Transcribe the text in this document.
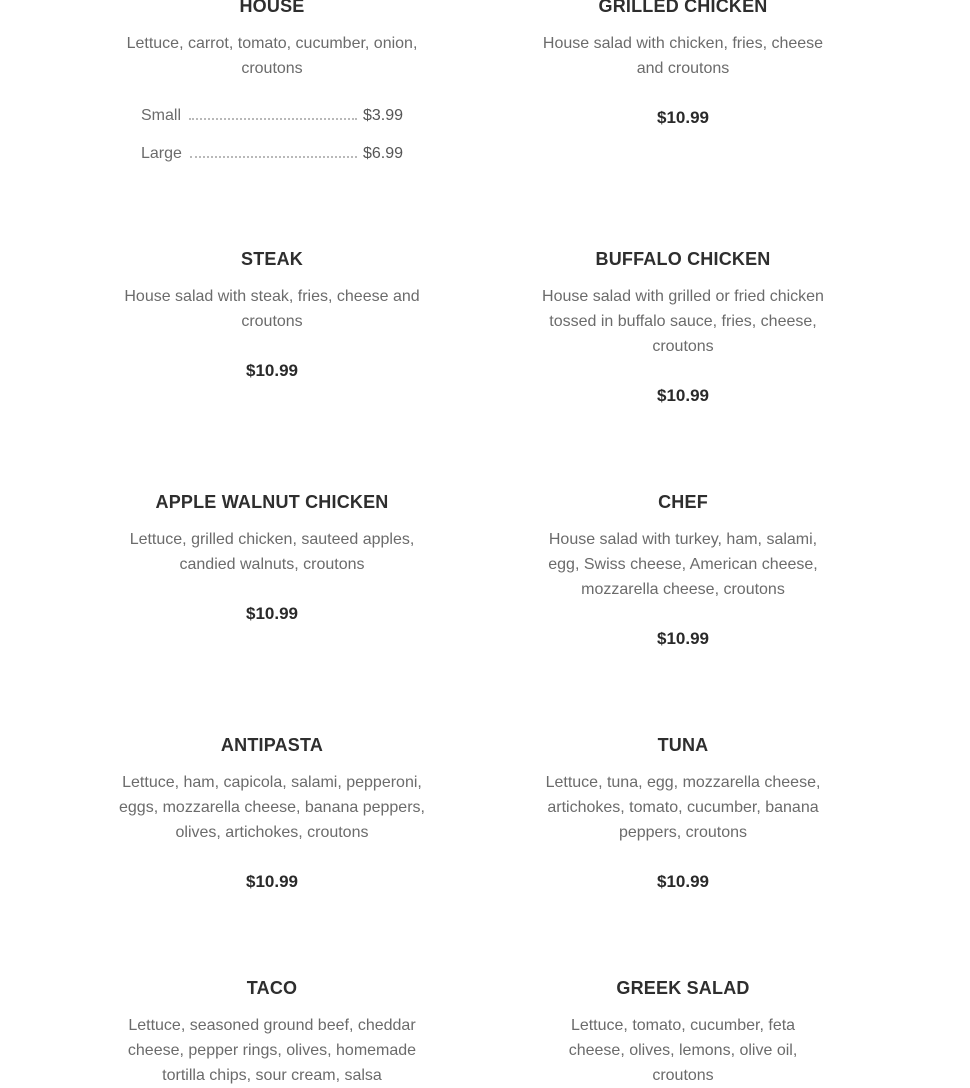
HOUSE

Lettuce, carrot, tomato, cucumber, onion, croutons

Small	$3.99
Large	$6.99
GRILLED CHICKEN

House salad with chicken, fries, cheese and croutons

$10.99
STEAK

House salad with steak, fries, cheese and croutons

$10.99
BUFFALO CHICKEN

House salad with grilled or fried chicken tossed in buffalo sauce, fries, cheese, croutons

$10.99
APPLE WALNUT CHICKEN

Lettuce, grilled chicken, sauteed apples, candied walnuts, croutons

$10.99
CHEF

House salad with turkey, ham, salami, egg, Swiss cheese, American cheese, mozzarella cheese, croutons

$10.99
ANTIPASTA

Lettuce, ham, capicola, salami, pepperoni, eggs, mozzarella cheese, banana peppers, olives, artichokes, croutons

$10.99
TUNA

Lettuce, tuna, egg, mozzarella cheese, artichokes, tomato, cucumber, banana peppers, croutons

$10.99
TACO

Lettuce, seasoned ground beef, cheddar cheese, pepper rings, olives, homemade tortilla chips, sour cream, salsa

GREEK SALAD

Lettuce, tomato, cucumber, feta cheese, olives, lemons, olive oil, croutons
